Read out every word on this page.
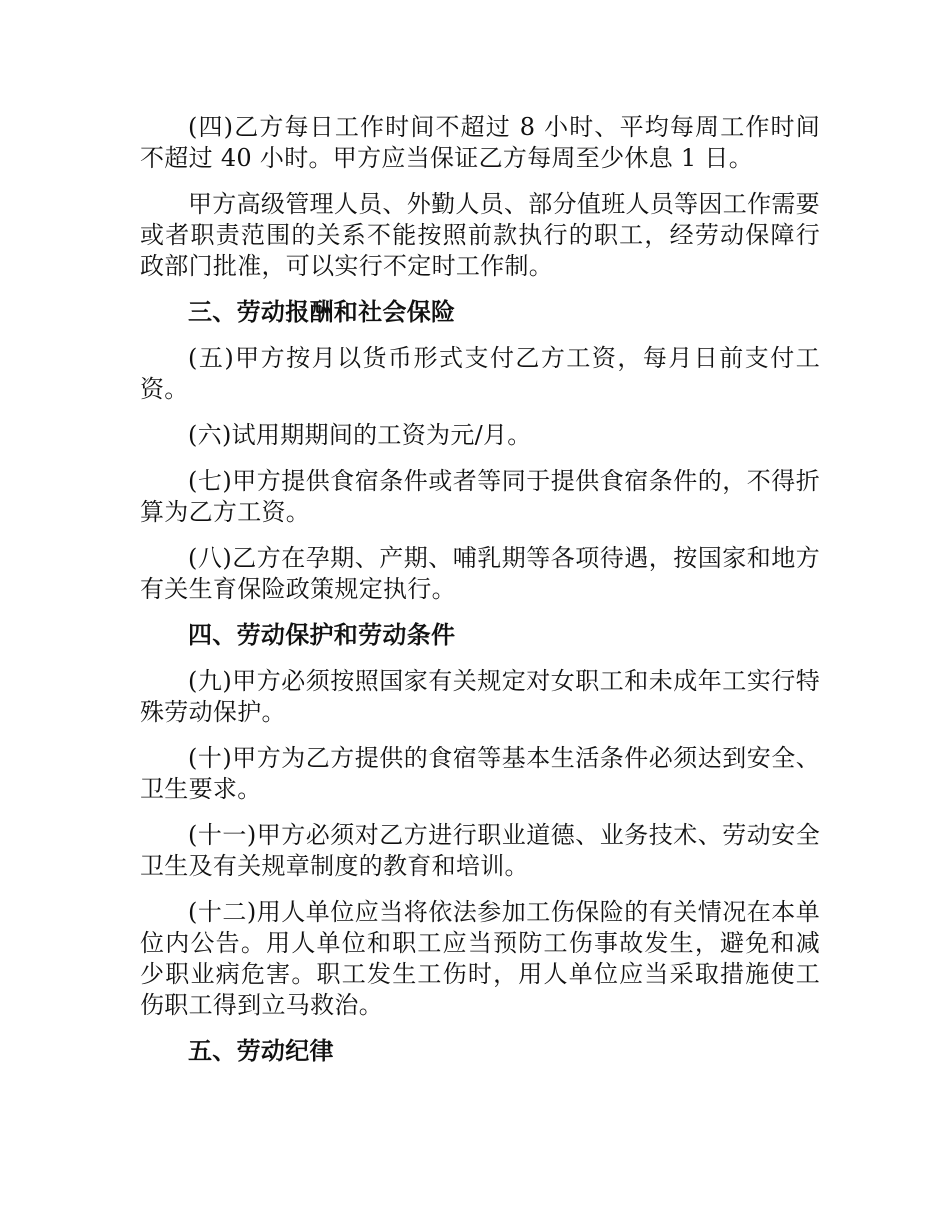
(四)乙方每日工作时间不超过 8 小时、平均每周工作时间不超过 40 小时。甲方应当保证乙方每周至少休息 1 日。

甲方高级管理人员、外勤人员、部分值班人员等因工作需要或者职责范围的关系不能按照前款执行的职工，经劳动保障行政部门批准，可以实行不定时工作制。

三、劳动报酬和社会保险

(五)甲方按月以货币形式支付乙方工资，每月日前支付工资。

(六)试用期期间的工资为元/月。

(七)甲方提供食宿条件或者等同于提供食宿条件的，不得折算为乙方工资。

(八)乙方在孕期、产期、哺乳期等各项待遇，按国家和地方有关生育保险政策规定执行。

四、劳动保护和劳动条件

(九)甲方必须按照国家有关规定对女职工和未成年工实行特殊劳动保护。

(十)甲方为乙方提供的食宿等基本生活条件必须达到安全、卫生要求。

(十一)甲方必须对乙方进行职业道德、业务技术、劳动安全卫生及有关规章制度的教育和培训。

(十二)用人单位应当将依法参加工伤保险的有关情况在本单位内公告。用人单位和职工应当预防工伤事故发生，避免和减少职业病危害。职工发生工伤时，用人单位应当采取措施使工伤职工得到立马救治。

五、劳动纪律
